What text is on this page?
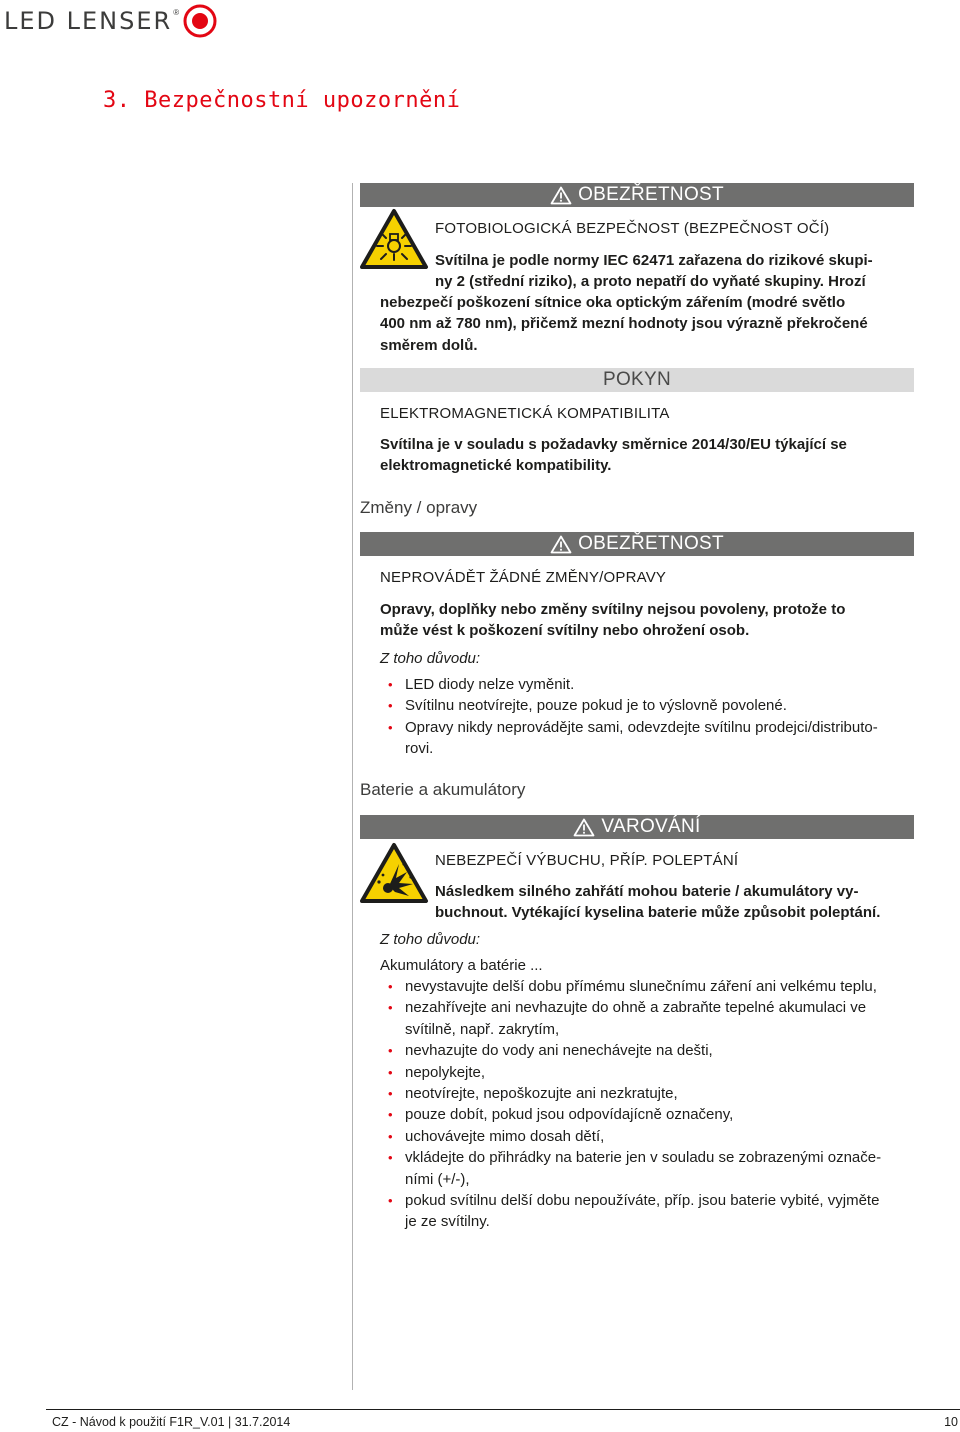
LED LENSER ®
3. Bezpečnostní upozornění
OBEZŘETNOST
FOTOBIOLOGICKÁ BEZPEČNOST (BEZPEČNOST OČÍ)
Svítilna je podle normy IEC 62471 zařazena do rizikové skupi-
ny 2 (střední riziko), a proto nepatří do vyňaté skupiny. Hrozí
nebezpečí poškození sítnice oka optickým zářením (modré světlo
400 nm až 780 nm), přičemž mezní hodnoty jsou výrazně překročené
směrem dolů.
POKYN
ELEKTROMAGNETICKÁ KOMPATIBILITA
Svítilna je v souladu s požadavky směrnice 2014/30/EU týkající se
elektromagnetické kompatibility.
Změny / opravy
OBEZŘETNOST
NEPROVÁDĚT ŽÁDNÉ ZMĚNY/OPRAVY
Opravy, doplňky nebo změny svítilny nejsou povoleny, protože to
může vést k poškození svítilny nebo ohrožení osob.
Z toho důvodu:
• LED diody nelze vyměnit.
• Svítilnu neotvírejte, pouze pokud je to výslovně povolené.
• Opravy nikdy neprovádějte sami, odevzdejte svítilnu prodejci/distributo-
rovi.
Baterie a akumulátory
VAROVÁNÍ
NEBEZPEČÍ VÝBUCHU, PŘÍP. POLEPTÁNÍ
Následkem silného zahřátí mohou baterie / akumulátory vy-
buchnout. Vytékající kyselina baterie může způsobit poleptání.
Z toho důvodu:
Akumulátory a batérie ...
• nevystavujte delší dobu přímému slunečnímu záření ani velkému teplu,
• nezahřívejte ani nevhazujte do ohně a zabraňte tepelné akumulaci ve
svítilně, např. zakrytím,
• nevhazujte do vody ani nenechávejte na dešti,
• nepolykejte,
• neotvírejte, nepoškozujte ani nezkratujte,
• pouze dobít, pokud jsou odpovídajícně označeny,
• uchovávejte mimo dosah dětí,
• vkládejte do přihrádky na baterie jen v souladu se zobrazenými označe-
ními (+/-),
• pokud svítilnu delší dobu nepoužíváte, příp. jsou baterie vybité, vyjměte
je ze svítilny.
CZ - Návod k použití F1R_V.01 | 31.7.2014	10
